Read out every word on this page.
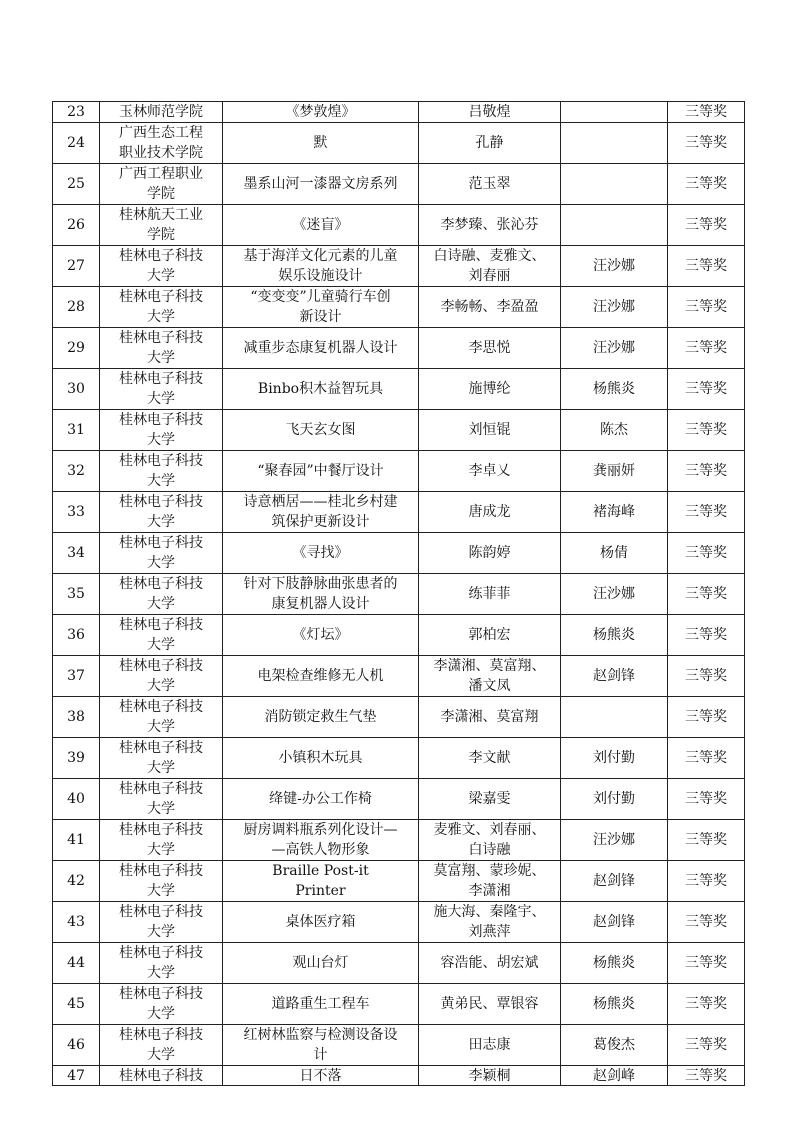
23	玉林师范学院	《梦敦煌》	吕敬煌		三等奖
24	广西生态工程
职业技术学院	默	孔静		三等奖
25	广西工程职业
学院	墨系山河一漆器文房系列	范玉翠		三等奖
26	桂林航天工业
学院	《迷盲》	李梦臻、张沁芬		三等奖
27	桂林电子科技
大学	基于海洋文化元素的儿童
娱乐设施设计	白诗融、麦雅文、
刘春丽	汪沙娜	三等奖
28	桂林电子科技
大学	“变变变”儿童骑行车创
新设计	李畅畅、李盈盈	汪沙娜	三等奖
29	桂林电子科技
大学	减重步态康复机器人设计	李思悦	汪沙娜	三等奖
30	桂林电子科技
大学	Binbo积木益智玩具	施博纶	杨熊炎	三等奖
31	桂林电子科技
大学	飞天玄女图	刘恒锟	陈杰	三等奖
32	桂林电子科技
大学	“聚春园”中餐厅设计	李卓乂	龚丽妍	三等奖
33	桂林电子科技
大学	诗意栖居——桂北乡村建
筑保护更新设计	唐成龙	褚海峰	三等奖
34	桂林电子科技
大学	《寻找》	陈韵婷	杨倩	三等奖
35	桂林电子科技
大学	针对下肢静脉曲张患者的
康复机器人设计	练菲菲	汪沙娜	三等奖
36	桂林电子科技
大学	《灯坛》	郭柏宏	杨熊炎	三等奖
37	桂林电子科技
大学	电架检查维修无人机	李潇湘、莫富翔、
潘文凤	赵剑锋	三等奖
38	桂林电子科技
大学	消防锁定救生气垫	李潇湘、莫富翔		三等奖
39	桂林电子科技
大学	小镇积木玩具	李文献	刘付勤	三等奖
40	桂林电子科技
大学	绛键-办公工作椅	梁嘉雯	刘付勤	三等奖
41	桂林电子科技
大学	厨房调料瓶系列化设计—
—高铁人物形象	麦雅文、刘春丽、
白诗融	汪沙娜	三等奖
42	桂林电子科技
大学	Braille Post-it
Printer	莫富翔、蒙珍妮、
李潇湘	赵剑锋	三等奖
43	桂林电子科技
大学	桌体医疗箱	施大海、秦隆宇、
刘燕萍	赵剑锋	三等奖
44	桂林电子科技
大学	观山台灯	容浩能、胡宏斌	杨熊炎	三等奖
45	桂林电子科技
大学	道路重生工程车	黄弟民、覃银容	杨熊炎	三等奖
46	桂林电子科技
大学	红树林监察与检测设备设
计	田志康	葛俊杰	三等奖
47	桂林电子科技	日不落	李颖桐	赵剑峰	三等奖
